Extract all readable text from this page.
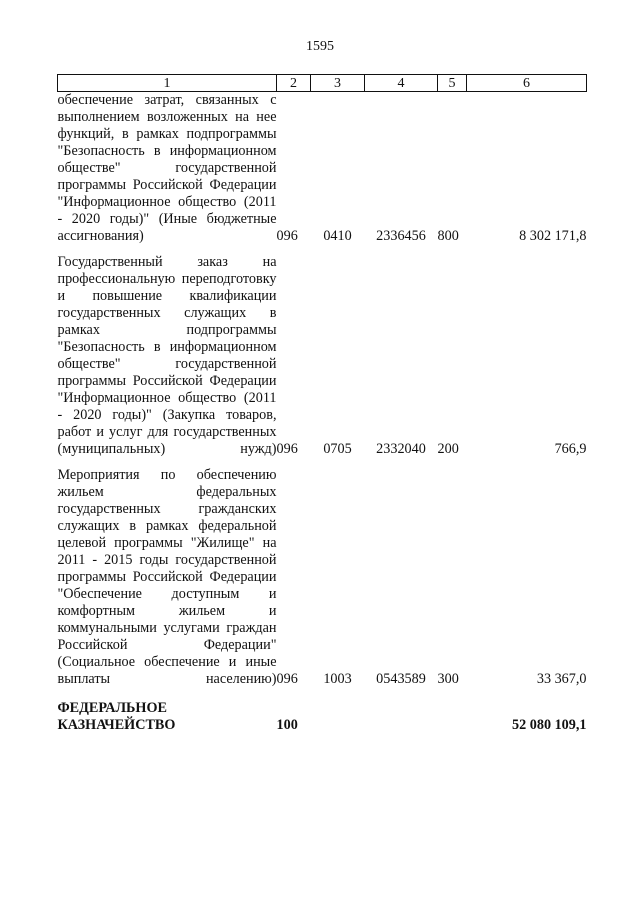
1595
1	2	3	4	5	6
обеспечение затрат, связанных с выполнением возложенных на нее функций, в рамках подпрограммы "Безопасность в информационном обществе" государственной программы Российской Федерации "Информационное общество (2011 - 2020 годы)" (Иные бюджетные ассигнования)	096	0410	2336456	800	8 302 171,8

Государственный заказ на профессиональную переподготовку и повышение квалификации государственных служащих в рамках подпрограммы "Безопасность в информационном обществе" государственной программы Российской Федерации "Информационное общество (2011 - 2020 годы)" (Закупка товаров, работ и услуг для государственных (муниципальных) нужд)	096	0705	2332040	200	766,9

Мероприятия по обеспечению жильем федеральных государственных гражданских служащих в рамках федеральной целевой программы "Жилище" на 2011 - 2015 годы государственной программы Российской Федерации "Обеспечение доступным и комфортным жильем и коммунальными услугами граждан Российской Федерации" (Социальное обеспечение и иные выплаты населению)	096	1003	0543589	300	33 367,0

ФЕДЕРАЛЬНОЕ КАЗНАЧЕЙСТВО	100				52 080 109,1
